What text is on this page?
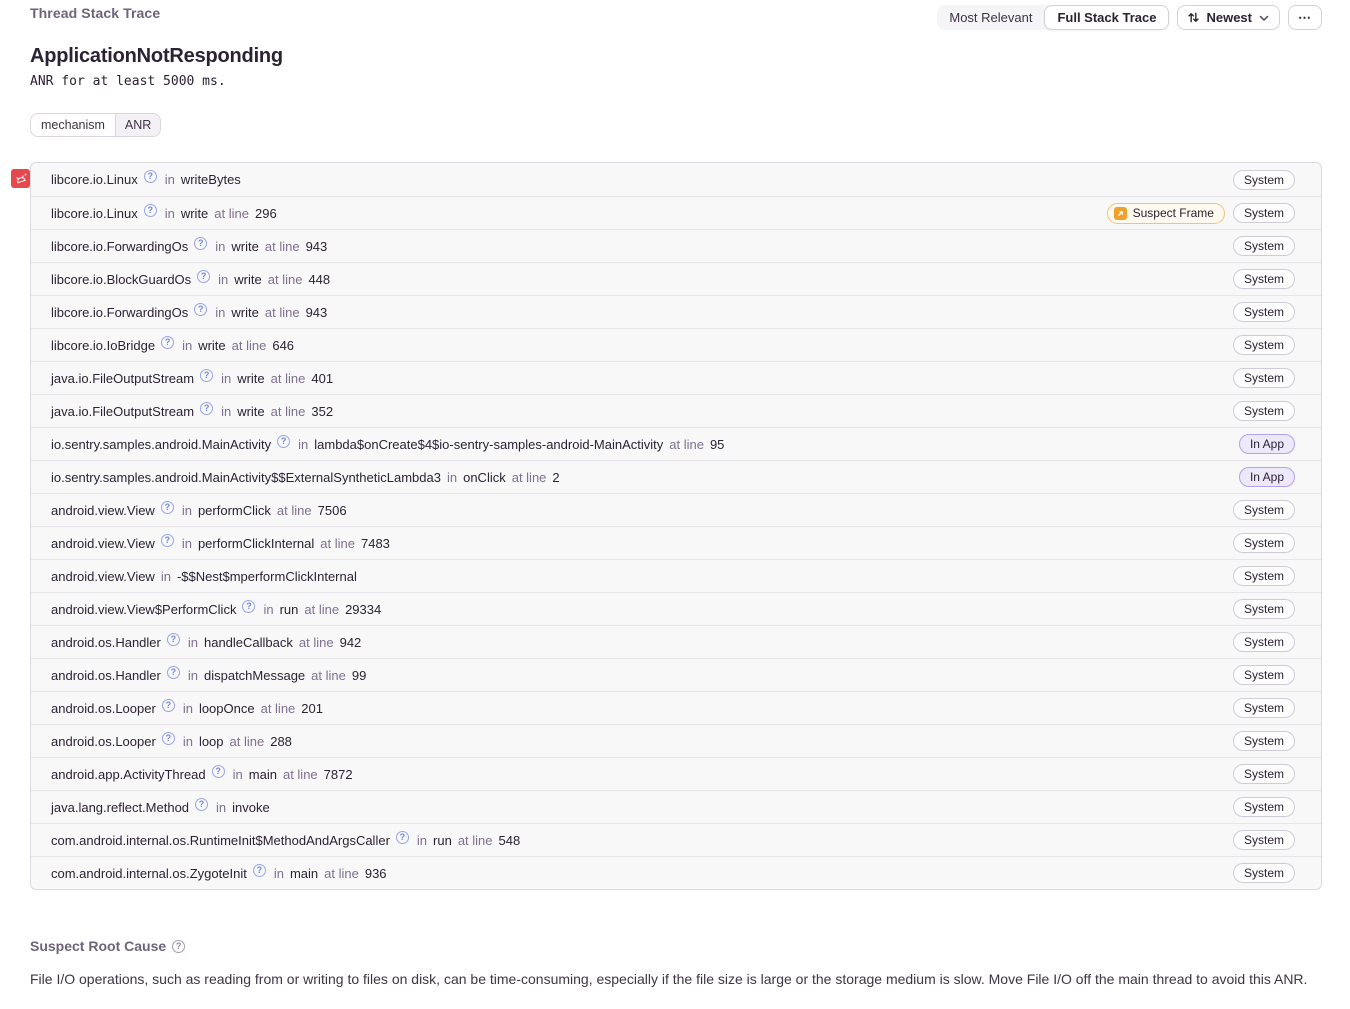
Thread Stack Trace	Most Relevant	Full Stack Trace	Newest	⋯
ApplicationNotResponding
ANR for at least 5000 ms.
mechanism	ANR
libcore.io.Linux	? in writeBytes	System
libcore.io.Linux	? in write at line 296	Suspect Frame	System
libcore.io.ForwardingOs	? in write at line 943	System
libcore.io.BlockGuardOs	? in write at line 448	System
libcore.io.ForwardingOs	? in write at line 943	System
libcore.io.IoBridge	? in write at line 646	System
java.io.FileOutputStream	? in write at line 401	System
java.io.FileOutputStream	? in write at line 352	System
io.sentry.samples.android.MainActivity	? in lambda$onCreate$4$io-sentry-samples-android-MainActivity at line 95	In App
io.sentry.samples.android.MainActivity$$ExternalSyntheticLambda3 in onClick at line 2	In App
android.view.View	? in performClick at line 7506	System
android.view.View	? in performClickInternal at line 7483	System
android.view.View in -$$Nest$mperformClickInternal	System
android.view.View$PerformClick	? in run at line 29334	System
android.os.Handler	? in handleCallback at line 942	System
android.os.Handler	? in dispatchMessage at line 99	System
android.os.Looper	? in loopOnce at line 201	System
android.os.Looper	? in loop at line 288	System
android.app.ActivityThread	? in main at line 7872	System
java.lang.reflect.Method	? in invoke	System
com.android.internal.os.RuntimeInit$MethodAndArgsCaller	? in run at line 548	System
com.android.internal.os.ZygoteInit	? in main at line 936	System
Suspect Root Cause	?
File I/O operations, such as reading from or writing to files on disk, can be time-consuming, especially if the file size is large or the storage medium is slow. Move File I/O off the main thread to avoid this ANR.
